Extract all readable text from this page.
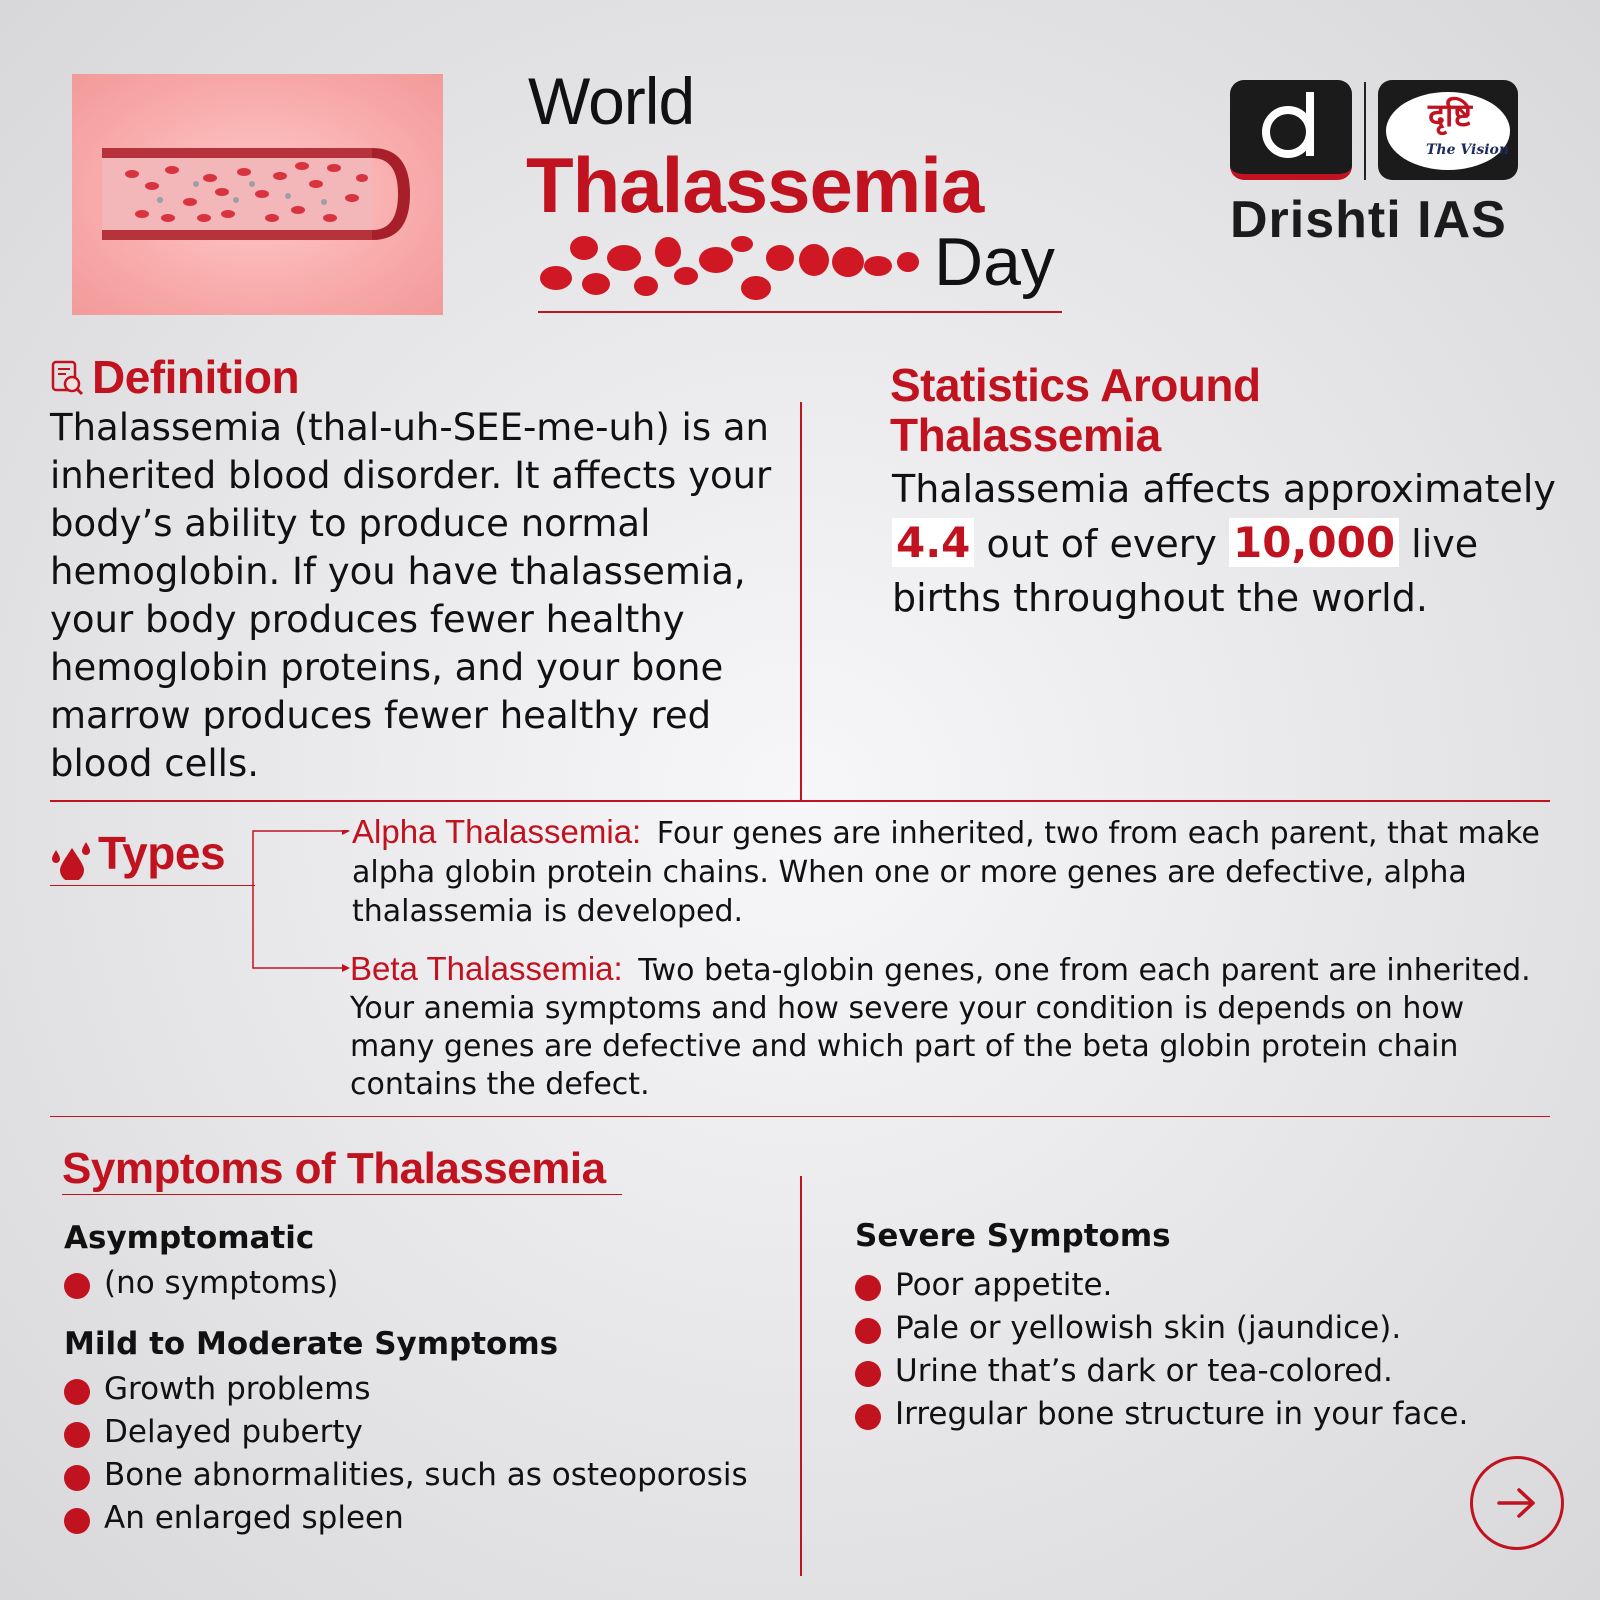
World
Thalassemia
Day
दृष्टि
The Vision
Drishti IAS
Definition
Thalassemia (thal-uh-SEE-me-uh) is an inherited blood disorder. It affects your body’s ability to produce normal hemoglobin. If you have thalassemia, your body produces fewer healthy hemoglobin proteins, and your bone marrow produces fewer healthy red blood cells.
Statistics Around Thalassemia
Thalassemia affects approximately
4.4 out of every 10,000 live births throughout the world.
Types	Alpha Thalassemia: Four genes are inherited, two from each parent, that make alpha globin protein chains. When one or more genes are defective, alpha thalassemia is developed.
Beta Thalassemia: Two beta-globin genes, one from each parent are inherited. Your anemia symptoms and how severe your condition is depends on how many genes are defective and which part of the beta globin protein chain contains the defect.
Symptoms of Thalassemia
Asymptomatic
(no symptoms)
Mild to Moderate Symptoms
Growth problems
Delayed puberty
Bone abnormalities, such as osteoporosis
An enlarged spleen
Severe Symptoms
Poor appetite.
Pale or yellowish skin (jaundice).
Urine that’s dark or tea-colored.
Irregular bone structure in your face.
